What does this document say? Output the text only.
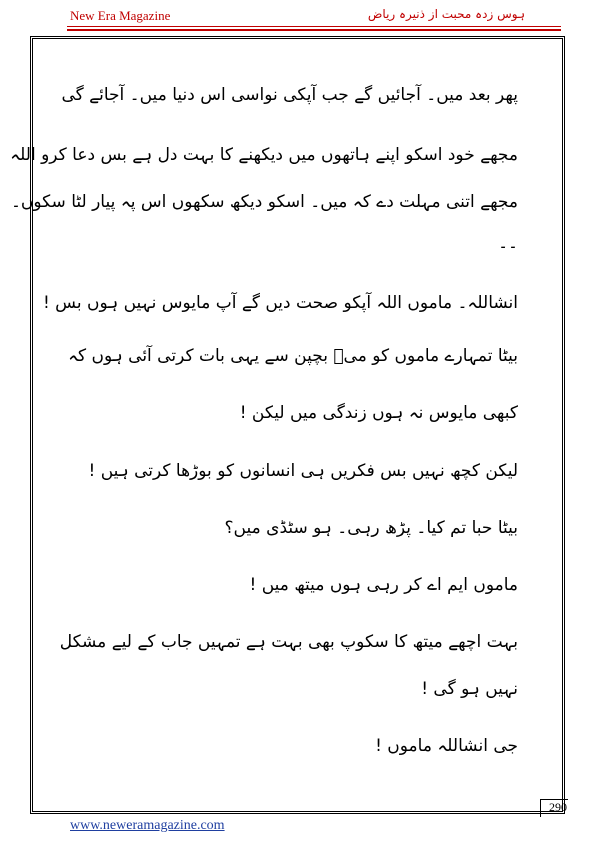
New Era Magazine	ہوس زدہ محبت از ذنیرہ ریاض
پھر بعد میں۔ آجائیں گے جب آپکی نواسی اس دنیا میں۔ آجائے گی
مجھے خود اسکو اپنے ہاتھوں میں دیکھنے کا بہت دل ہے بس دعا کرو اللہ
مجھے اتنی مہلت دے کہ میں۔ اسکو دیکھ سکھوں اس پہ پیار لٹا سکوں۔
۔۔
انشاللہ۔ ماموں اللہ آپکو صحت دیں گے آپ مایوس نہیں ہوں بس !
بیٹا تمہارے ماموں کو میؑ بچپن سے یہی بات کرتی آئی ہوں کہ
کبھی مایوس نہ ہوں زندگی میں لیکن !
لیکن کچھ نہیں بس فکریں ہی انسانوں کو بوڑھا کرتی ہیں !
بیٹا حبا تم کیا۔ پڑھ رہی۔ ہو سٹڈی میں؟
ماموں ایم اے کر رہی ہوں میتھ میں !
بہت اچھے میتھ کا سکوپ بھی بہت ہے تمہیں جاب کے لیے مشکل
نہیں ہو گی !
جی انشاللہ ماموں !
290
www.neweramagazine.com
